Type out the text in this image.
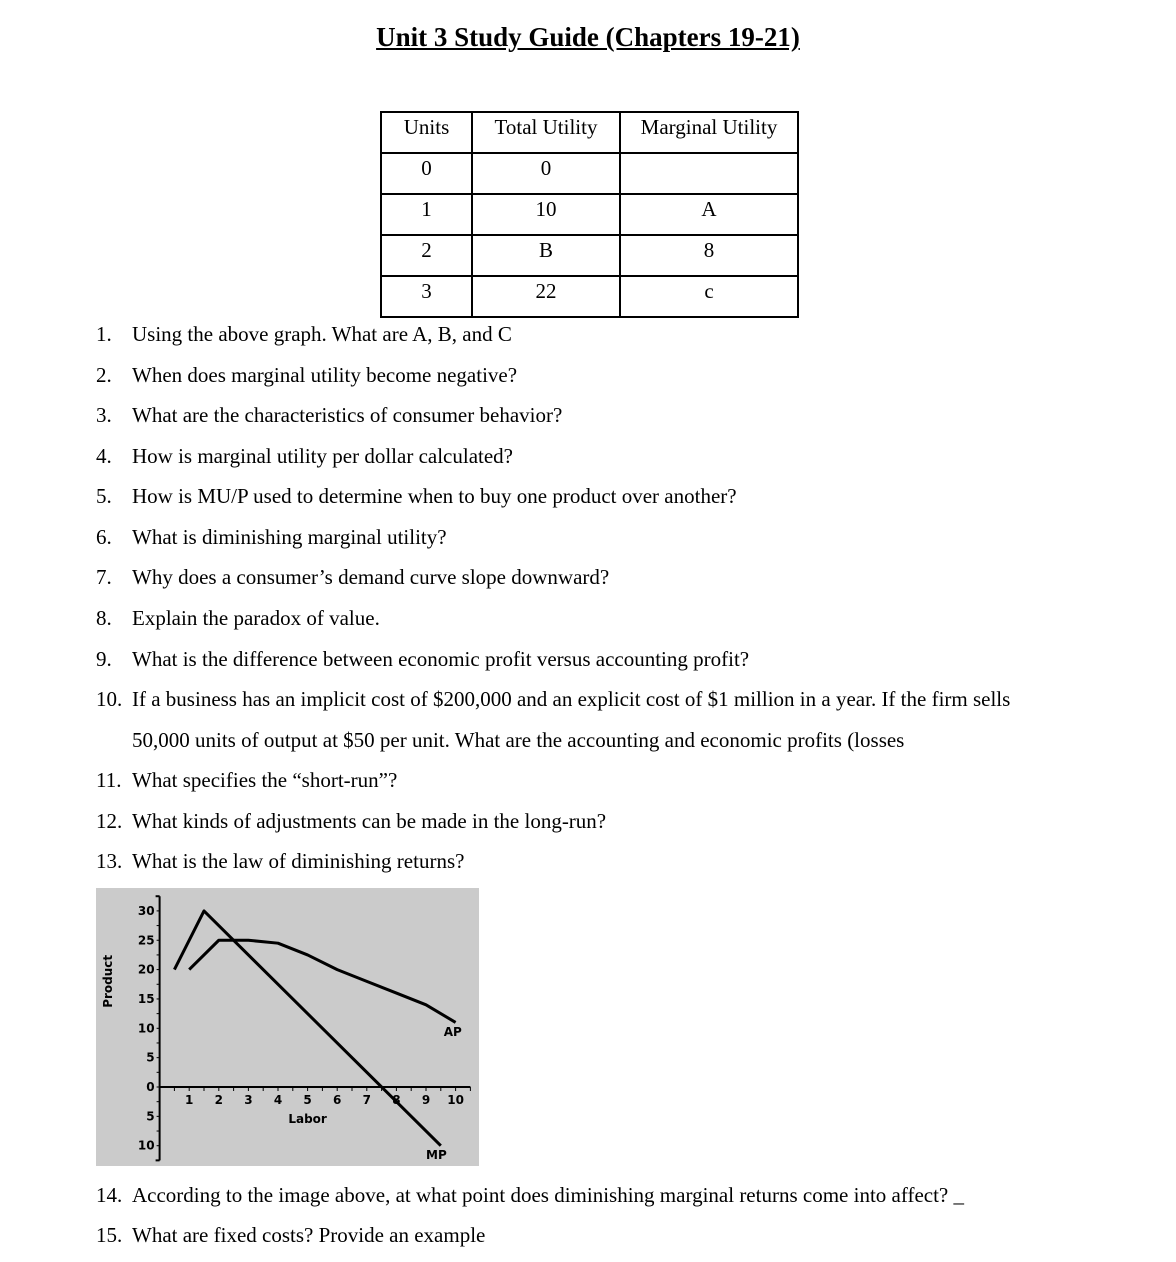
Unit 3 Study Guide (Chapters 19-21)
Units	Total Utility	Marginal Utility
0	0	
1	10	A
2	B	8
3	22	c
1. Using the above graph. What are A, B, and C
2. When does marginal utility become negative?
3. What are the characteristics of consumer behavior?
4. How is marginal utility per dollar calculated?
5. How is MU/P used to determine when to buy one product over another?
6. What is diminishing marginal utility?
7. Why does a consumer’s demand curve slope downward?
8. Explain the paradox of value.
9. What is the difference between economic profit versus accounting profit?
10. If a business has an implicit cost of $200,000 and an explicit cost of $1 million in a year. If the firm sells
50,000 units of output at $50 per unit. What are the accounting and economic profits (losses
11. What specifies the “short-run”?
12. What kinds of adjustments can be made in the long-run?
13. What is the law of diminishing returns?
14. According to the image above, at what point does diminishing marginal returns come into affect? _
15. What are fixed costs? Provide an example
30
25
20
15
10
5
0
5
10
1 2 3 4 5 6 7 8 9 10
Labor
Product
AP
MP
